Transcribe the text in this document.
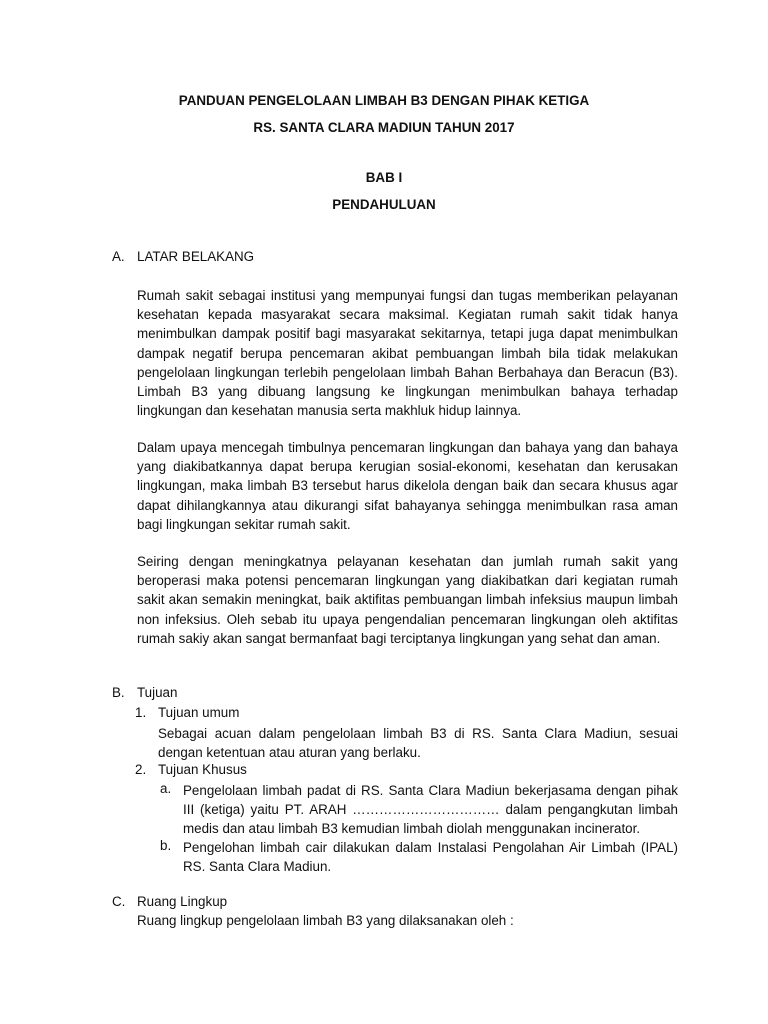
PANDUAN PENGELOLAAN LIMBAH B3 DENGAN PIHAK KETIGA
RS. SANTA CLARA MADIUN TAHUN 2017
BAB I
PENDAHULUAN
A. LATAR BELAKANG

Rumah sakit sebagai institusi yang mempunyai fungsi dan tugas memberikan pelayanan kesehatan kepada masyarakat secara maksimal. Kegiatan rumah sakit tidak hanya menimbulkan dampak positif bagi masyarakat sekitarnya, tetapi juga dapat menimbulkan dampak negatif berupa pencemaran akibat pembuangan limbah bila tidak melakukan pengelolaan lingkungan terlebih pengelolaan limbah Bahan Berbahaya dan Beracun (B3). Limbah B3 yang dibuang langsung ke lingkungan menimbulkan bahaya terhadap lingkungan dan kesehatan manusia serta makhluk hidup lainnya.

Dalam upaya mencegah timbulnya pencemaran lingkungan dan bahaya yang dan bahaya yang diakibatkannya dapat berupa kerugian sosial-ekonomi, kesehatan dan kerusakan lingkungan, maka limbah B3 tersebut harus dikelola dengan baik dan secara khusus agar dapat dihilangkannya atau dikurangi sifat bahayanya sehingga menimbulkan rasa aman bagi lingkungan sekitar rumah sakit.

Seiring dengan meningkatnya pelayanan kesehatan dan jumlah rumah sakit yang beroperasi maka potensi pencemaran lingkungan yang diakibatkan dari kegiatan rumah sakit akan semakin meningkat, baik aktifitas pembuangan limbah infeksius maupun limbah non infeksius. Oleh sebab itu upaya pengendalian pencemaran lingkungan oleh aktifitas rumah sakiy akan sangat bermanfaat bagi terciptanya lingkungan yang sehat dan aman.

B. Tujuan
1. Tujuan umum

Sebagai acuan dalam pengelolaan limbah B3 di RS. Santa Clara Madiun, sesuai dengan ketentuan atau aturan yang berlaku.

2. Tujuan Khusus
a. Pengelolaan limbah padat di RS. Santa Clara Madiun bekerjasama dengan pihak III (ketiga) yaitu PT. ARAH …………………………… dalam pengangkutan limbah medis dan atau limbah B3 kemudian limbah diolah menggunakan incinerator.

b. Pengelohan limbah cair dilakukan dalam Instalasi Pengolahan Air Limbah (IPAL) RS. Santa Clara Madiun.

C. Ruang Lingkup
Ruang lingkup pengelolaan limbah B3 yang dilaksanakan oleh :
